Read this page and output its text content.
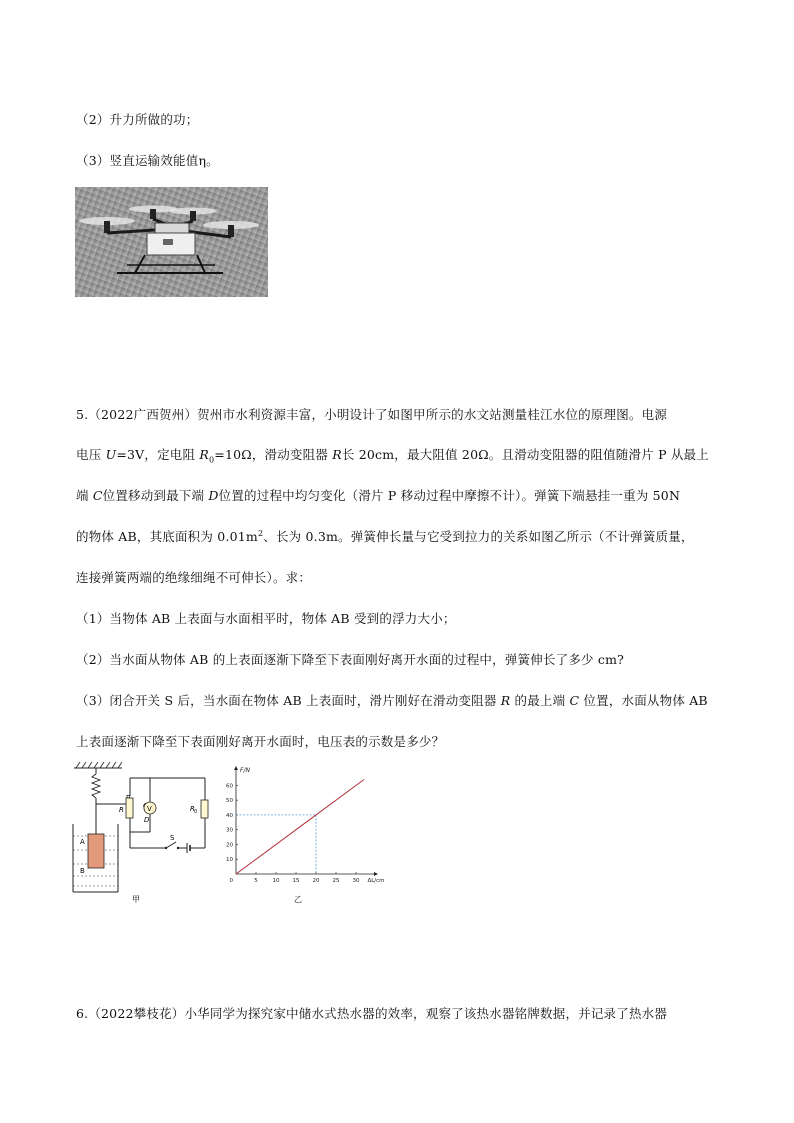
（2）升力所做的功；
（3）竖直运输效能值η。
5.（2022广西贺州）贺州市水利资源丰富，小明设计了如图甲所示的水文站测量桂江水位的原理图。电源
电压 U=3V，定电阻 $R_0=10\Omega$，滑动变阻器 R长 20cm，最大阻值 20Ω。且滑动变阻器的阻值随滑片 P 从最上
端 C位置移动到最下端 D位置的过程中均匀变化（滑片 P 移动过程中摩擦不计）。弹簧下端悬挂一重为 50N
的物体 AB，其底面积为 $0.01m^2$、长为 0.3m。弹簧伸长量与它受到拉力的关系如图乙所示（不计弹簧质量，
连接弹簧两端的绝缘细绳不可伸长）。求：
（1）当物体 AB 上表面与水面相平时，物体 AB 受到的浮力大小；
（2）当水面从物体 AB 的上表面逐渐下降至下表面刚好离开水面的过程中，弹簧伸长了多少 cm?
（3）闭合开关 S 后，当水面在物体 AB 上表面时，滑片刚好在滑动变阻器 R 的最上端 C 位置，水面从物体 AB
上表面逐渐下降至下表面刚好离开水面时，电压表的示数是多少？
R
D
V	R 0
S
A
B
甲
5	10 15 20 25 30
10
20
30
40
50
60
0
F/N
ΔL/cm
乙
6.（2022攀枝花）小华同学为探究家中储水式热水器的效率，观察了该热水器铭牌数据，并记录了热水器
